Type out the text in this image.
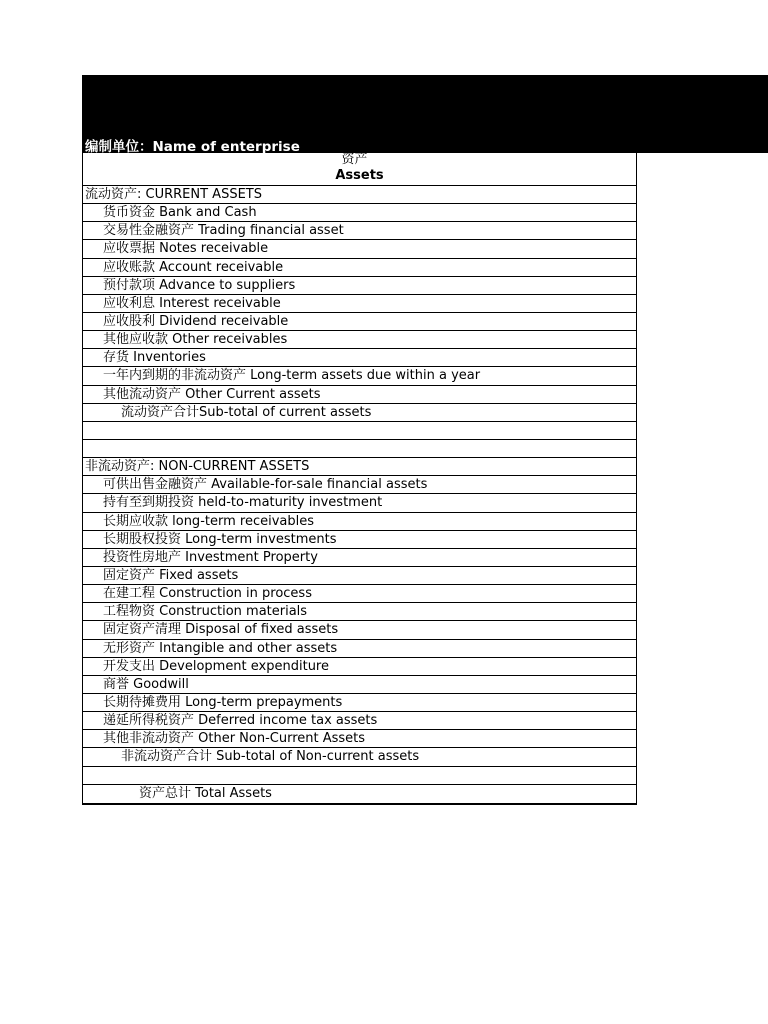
编制单位：Name of enterprise
资产
Assets
流动资产: CURRENT ASSETS
货币资金 Bank and Cash
交易性金融资产 Trading financial asset
应收票据 Notes receivable
应收账款 Account receivable
预付款项 Advance to suppliers
应收利息 Interest receivable
应收股利 Dividend receivable
其他应收款 Other receivables
存货 Inventories
一年内到期的非流动资产 Long-term assets due within a year
其他流动资产 Other Current assets
流动资产合计Sub-total of current assets
非流动资产: NON-CURRENT ASSETS
可供出售金融资产 Available-for-sale financial assets
持有至到期投资 held-to-maturity investment
长期应收款 long-term receivables
长期股权投资 Long-term investments
投资性房地产 Investment Property
固定资产 Fixed assets
在建工程 Construction in process
工程物资 Construction materials
固定资产清理 Disposal of fixed assets
无形资产 Intangible and other assets
开发支出 Development expenditure
商誉 Goodwill
长期待摊费用 Long-term prepayments
递延所得税资产 Deferred income tax assets
其他非流动资产 Other Non-Current Assets
非流动资产合计 Sub-total of Non-current assets
资产总计 Total Assets
